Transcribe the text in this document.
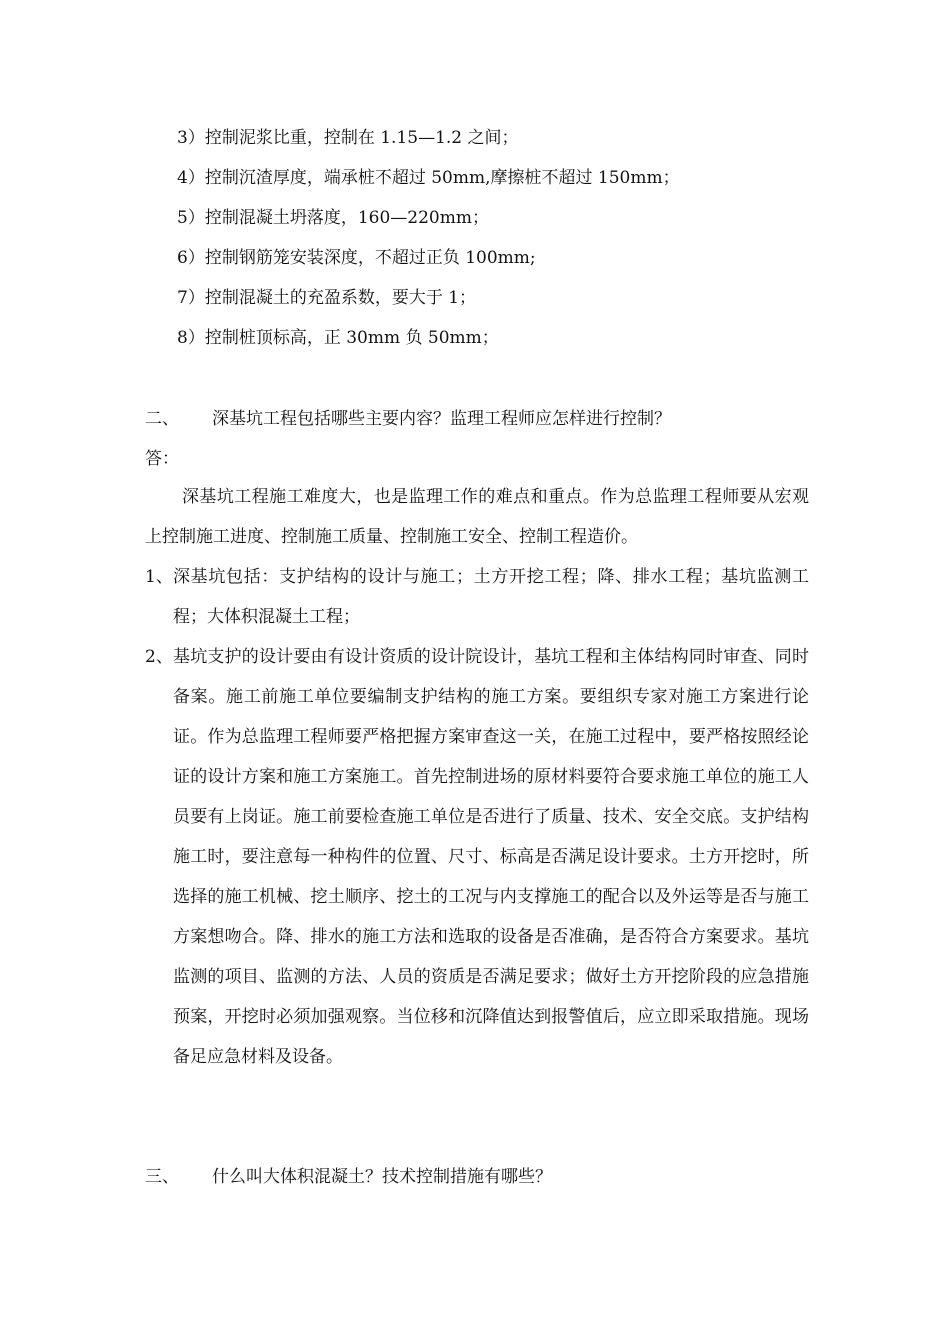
3）控制泥浆比重，控制在 1.15—1.2 之间；
4）控制沉渣厚度，端承桩不超过 50mm,摩擦桩不超过 150mm；
5）控制混凝土坍落度，160—220mm；
6）控制钢筋笼安装深度，不超过正负 100mm;
7）控制混凝土的充盈系数，要大于 1；
8）控制桩顶标高，正 30mm 负 50mm；
二、 深基坑工程包括哪些主要内容？监理工程师应怎样进行控制？
答：

深基坑工程施工难度大，也是监理工作的难点和重点。作为总监理工程师要从宏观上控制施工进度、控制施工质量、控制施工安全、控制工程造价。

1、 深基坑包括：支护结构的设计与施工；土方开挖工程；降、排水工程；基坑监测工程；大体积混凝土工程；

2、 基坑支护的设计要由有设计资质的设计院设计，基坑工程和主体结构同时审查、同时备案。施工前施工单位要编制支护结构的施工方案。要组织专家对施工方案进行论证。作为总监理工程师要严格把握方案审查这一关，在施工过程中，要严格按照经论证的设计方案和施工方案施工。首先控制进场的原材料要符合要求施工单位的施工人员要有上岗证。施工前要检查施工单位是否进行了质量、技术、安全交底。支护结构施工时，要注意每一种构件的位置、尺寸、标高是否满足设计要求。土方开挖时，所选择的施工机械、挖土顺序、挖土的工况与内支撑施工的配合以及外运等是否与施工方案想吻合。降、排水的施工方法和选取的设备是否准确，是否符合方案要求。基坑监测的项目、监测的方法、人员的资质是否满足要求；做好土方开挖阶段的应急措施预案，开挖时必须加强观察。当位移和沉降值达到报警值后，应立即采取措施。现场备足应急材料及设备。

三、 什么叫大体积混凝土？技术控制措施有哪些？
